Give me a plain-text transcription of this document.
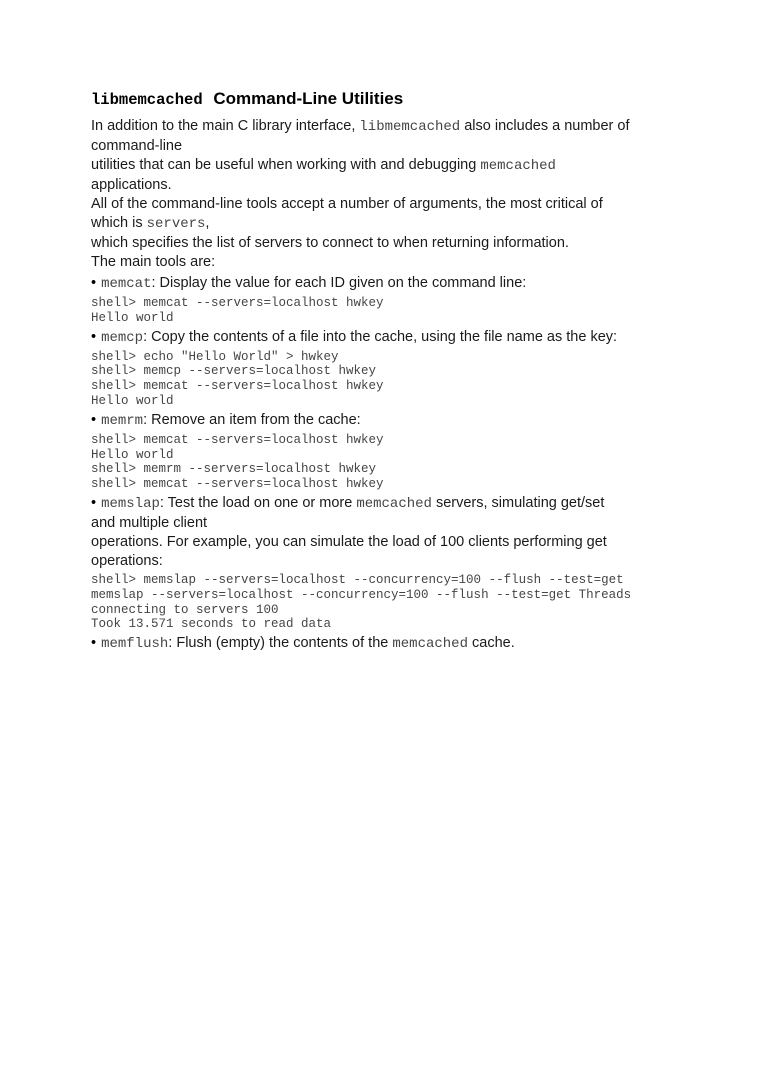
libmemcached Command-Line Utilities
In addition to the main C library interface, libmemcached also includes a number of
command-line
utilities that can be useful when working with and debugging memcached
applications.
All of the command-line tools accept a number of arguments, the most critical of
which is servers,
which specifies the list of servers to connect to when returning information.
The main tools are:
• memcat: Display the value for each ID given on the command line:
shell> memcat --servers=localhost hwkey
Hello world
• memcp: Copy the contents of a file into the cache, using the file name as the key:
shell> echo "Hello World" > hwkey
shell> memcp --servers=localhost hwkey
shell> memcat --servers=localhost hwkey
Hello world
• memrm: Remove an item from the cache:
shell> memcat --servers=localhost hwkey
Hello world
shell> memrm --servers=localhost hwkey
shell> memcat --servers=localhost hwkey
• memslap: Test the load on one or more memcached servers, simulating get/set
and multiple client
operations. For example, you can simulate the load of 100 clients performing get
operations:
shell> memslap --servers=localhost --concurrency=100 --flush --test=get
memslap --servers=localhost --concurrency=100 --flush --test=get Threads
connecting to servers 100
Took 13.571 seconds to read data
• memflush: Flush (empty) the contents of the memcached cache.
